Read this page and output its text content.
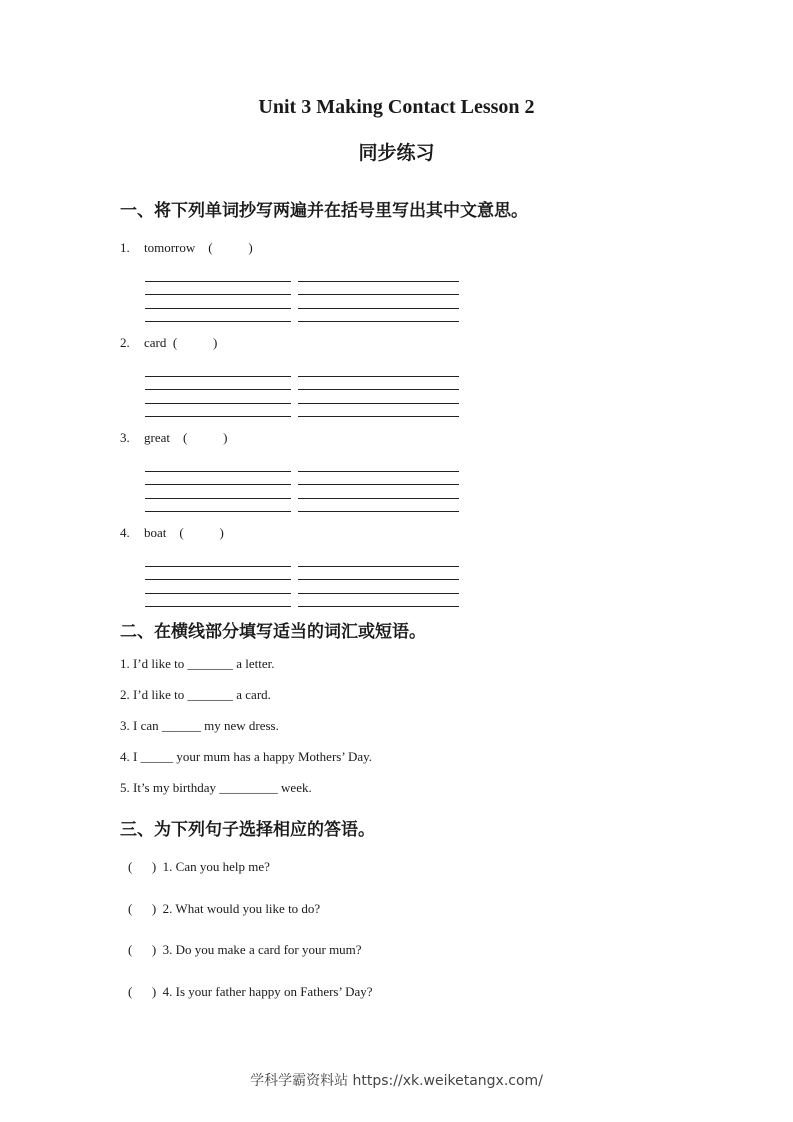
Unit 3 Making Contact Lesson 2
同步练习
一、将下列单词抄写两遍并在括号里写出其中文意思。
1. tomorrow (           )
2. card (           )
3. great (           )
4. boat (           )
二、在横线部分填写适当的词汇或短语。
1. I’d like to _______ a letter.
2. I’d like to _______ a card.
3. I can ______ my new dress.
4. I _____ your mum has a happy Mothers’ Day.
5. It’s my birthday _________ week.
三、为下列句子选择相应的答语。
(      )  1. Can you help me?
(      )  2. What would you like to do?
(      )  3. Do you make a card for your mum?
(      )  4. Is your father happy on Fathers’ Day?
学科学霸资料站 https://xk.weiketangx.com/
